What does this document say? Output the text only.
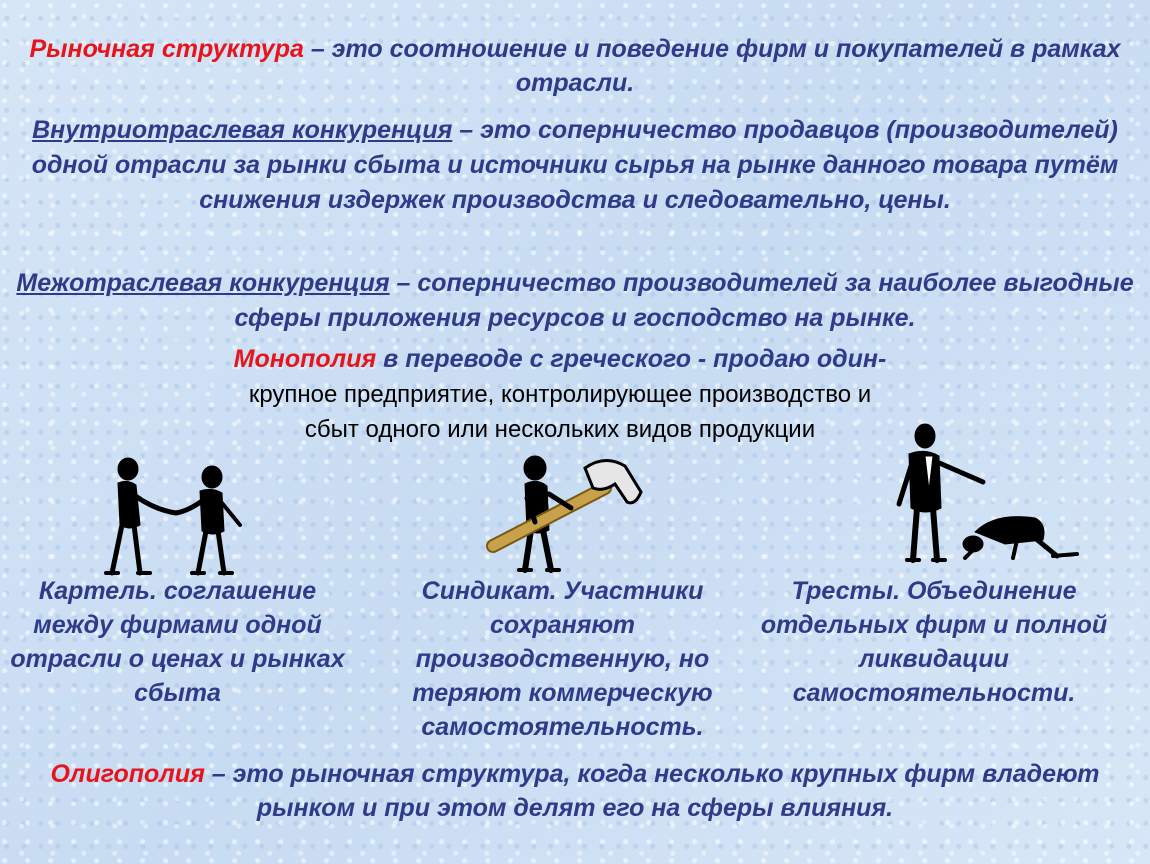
Рыночная структура – это соотношение и поведение фирм и покупателей в рамках отрасли.
Внутриотраслевая конкуренция – это соперничество продавцов (производителей) одной отрасли за рынки сбыта и источники сырья на рынке данного товара путём снижения издержек производства и следовательно, цены.
Межотраслевая конкуренция – соперничество производителей за наиболее выгодные сферы приложения ресурсов и господство на рынке.
Монополия в переводе с греческого - продаю один-
крупное предприятие, контролирующее производство и
сбыт одного или нескольких видов продукции
Картель. соглашение между фирмами одной отрасли о ценах и рынках сбыта
Синдикат. Участники сохраняют производственную, но теряют коммерческую самостоятельность.
Тресты. Объединение отдельных фирм и полной ликвидации самостоятельности.
Олигополия – это рыночная структура, когда несколько крупных фирм владеют рынком и при этом делят его на сферы влияния.
